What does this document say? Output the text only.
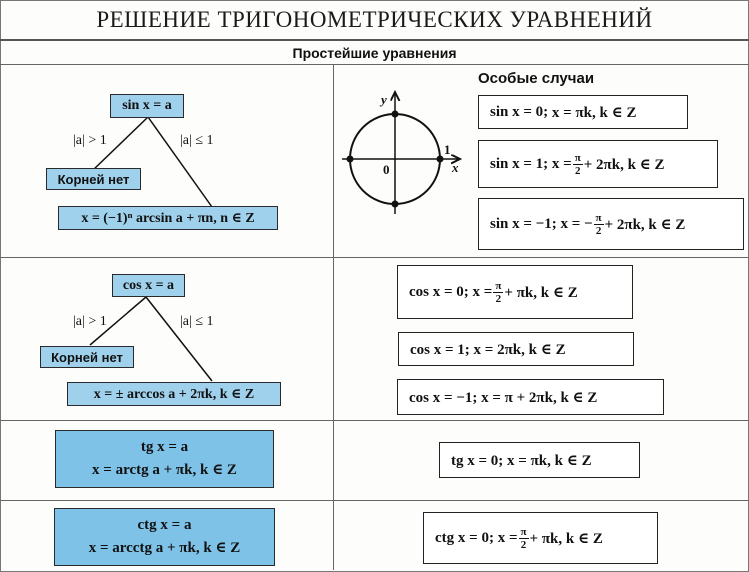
РЕШЕНИЕ ТРИГОНОМЕТРИЧЕСКИХ УРАВНЕНИЙ
Простейшие уравнения
sin x = a
|a| > 1	|a| ≤ 1
Корней нет
x = (−1)ⁿ arcsin a + πn, n ∈ Z
Особые случаи
y
x
0
1
sin x = 0;
x = πk, k ∈ Z
sin x = 1;
$x = \frac{\pi}{2} + 2\pi k$, k ∈ Z
sin x = −1;
x = − $\frac{\pi}{2} + 2\pi k$, k ∈ Z
cos x = a
|a| > 1	|a| ≤ 1
Корней нет
x = ± arccos a + 2πk, k ∈ Z
cos x = 0;
$x = \frac{\pi}{2} + \pi k$, k ∈ Z
cos x = 1; x = 2πk, k ∈ Z
cos x = −1; x = π + 2πk, k ∈ Z
tg x = a
x = arctg a + πk, k ∈ Z
tg x = 0; x = πk, k ∈ Z
ctg x = a
x = arcctg a + πk, k ∈ Z
ctg x = 0;
$x = \frac{\pi}{2} + \pi k$, k ∈ Z
